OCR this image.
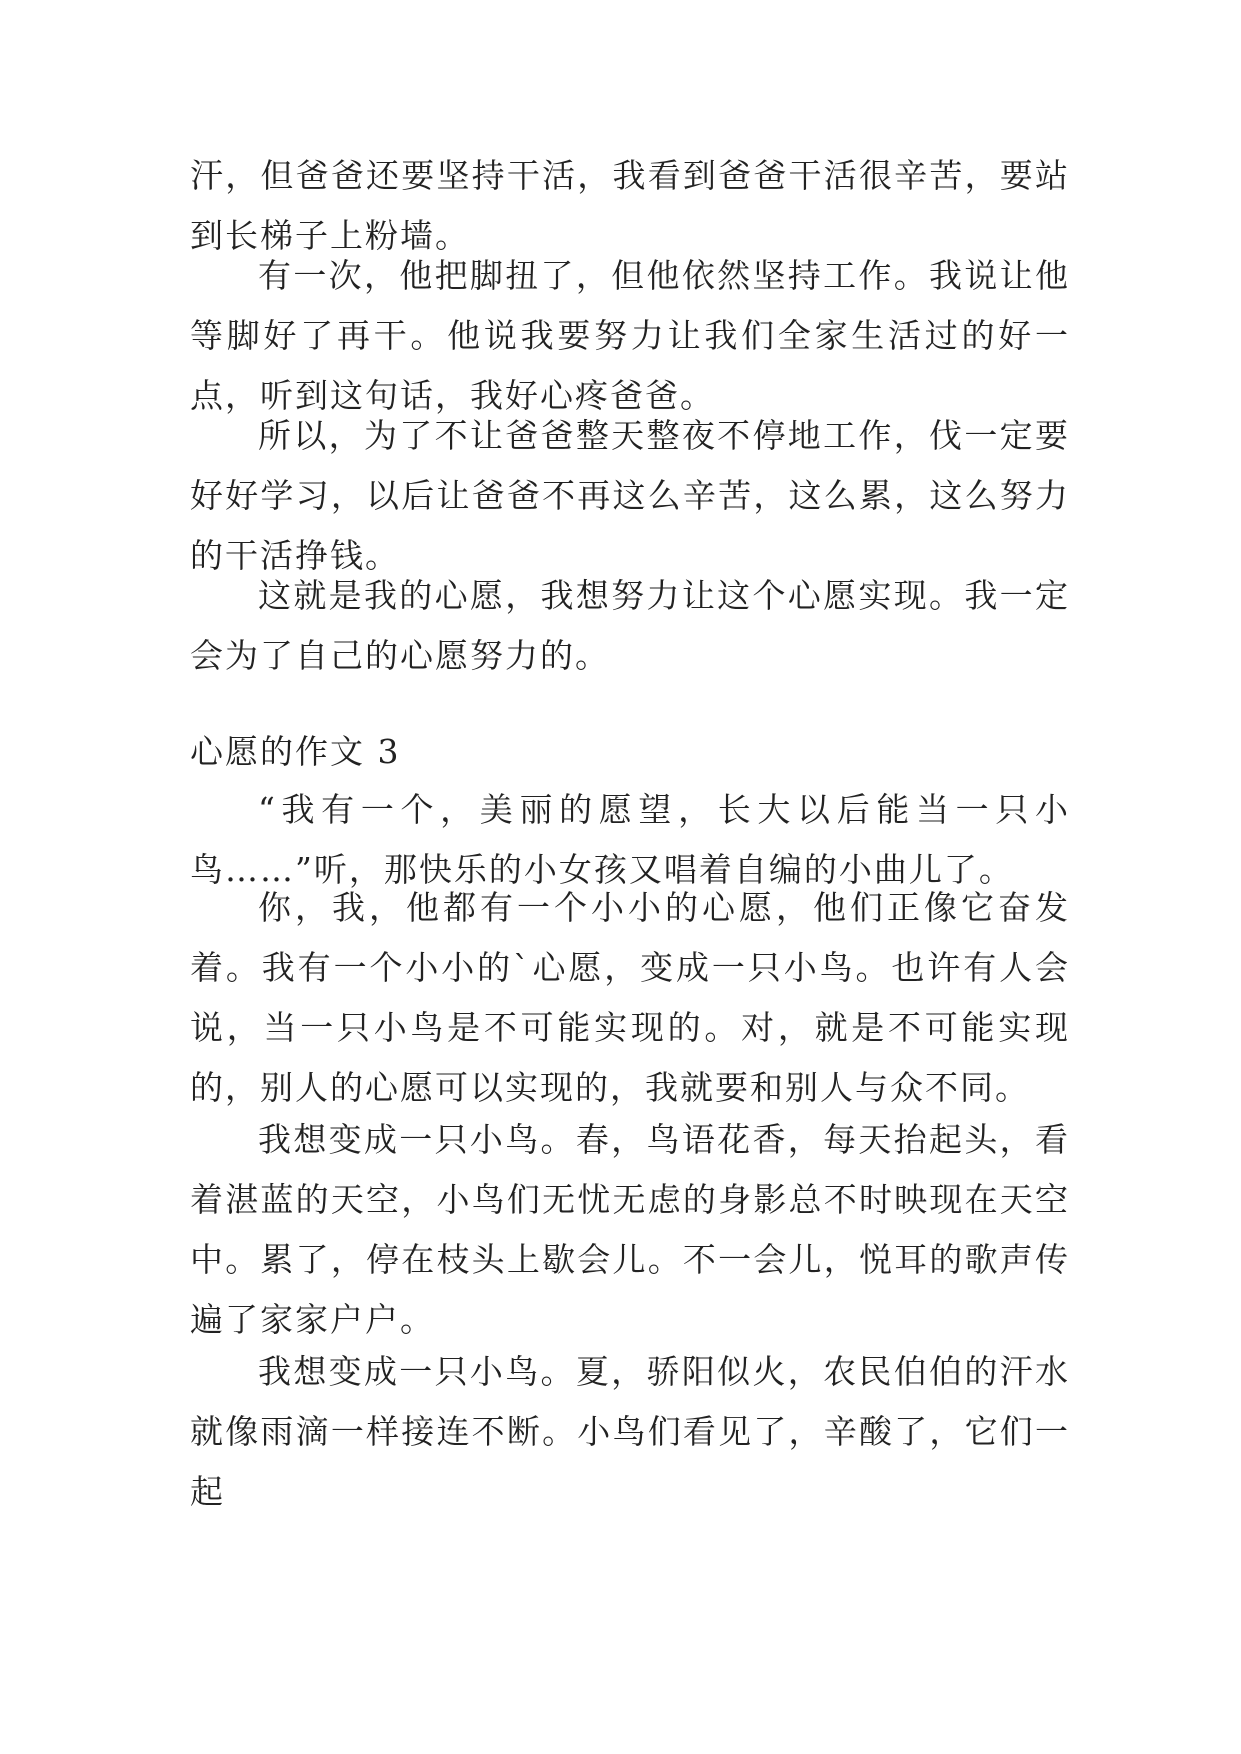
汗，但爸爸还要坚持干活，我看到爸爸干活很辛苦，要站到长梯子上粉墙。

有一次，他把脚扭了，但他依然坚持工作。我说让他等脚好了再干。他说我要努力让我们全家生活过的好一点，听到这句话，我好心疼爸爸。

所以，为了不让爸爸整天整夜不停地工作，伐一定要好好学习，以后让爸爸不再这么辛苦，这么累，这么努力的干活挣钱。

这就是我的心愿，我想努力让这个心愿实现。我一定会为了自己的心愿努力的。

心愿的作文 3

“我有一个，美丽的愿望，长大以后能当一只小鸟……”听，那快乐的小女孩又唱着自编的小曲儿了。

你，我，他都有一个小小的心愿，他们正像它奋发着。我有一个小小的`心愿，变成一只小鸟。也许有人会说，当一只小鸟是不可能实现的。对，就是不可能实现的，别人的心愿可以实现的，我就要和别人与众不同。

我想变成一只小鸟。春，鸟语花香，每天抬起头，看着湛蓝的天空，小鸟们无忧无虑的身影总不时映现在天空中。累了，停在枝头上歇会儿。不一会儿，悦耳的歌声传遍了家家户户。

我想变成一只小鸟。夏，骄阳似火，农民伯伯的汗水就像雨滴一样接连不断。小鸟们看见了，辛酸了，它们一起
